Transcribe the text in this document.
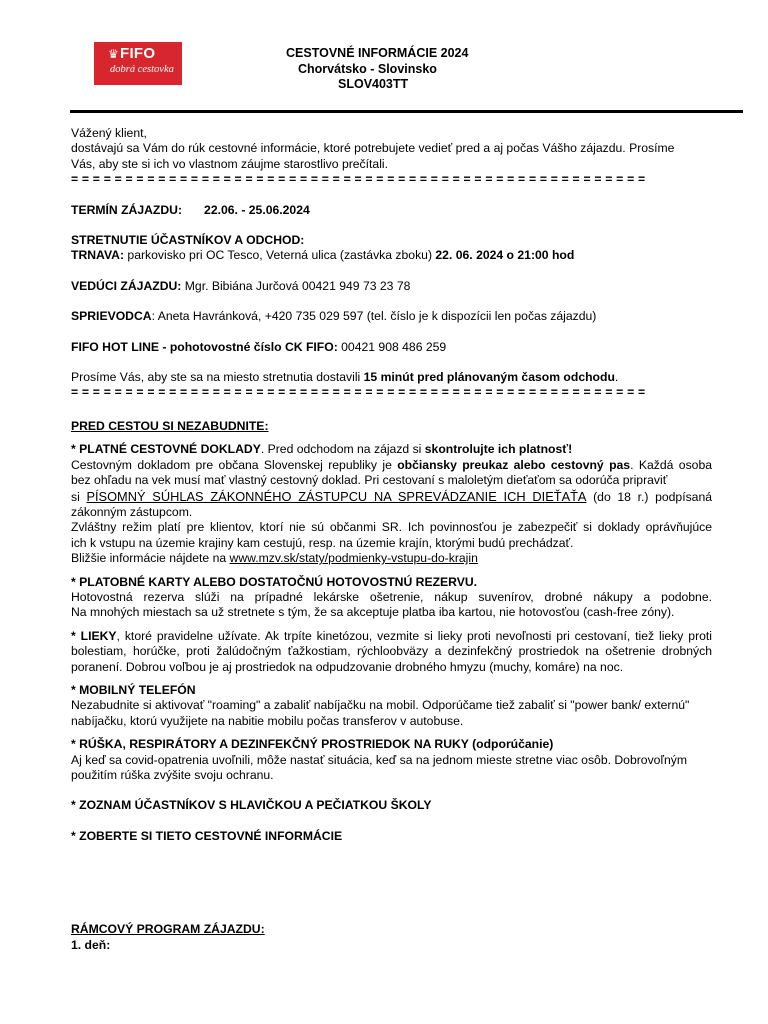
♛ FIFO
dobrá cestovka
CESTOVNÉ INFORMÁCIE 2024
Chorvátsko - Slovinsko
SLOV403TT
Vážený klient,
dostávajú sa Vám do rúk cestovné informácie, ktoré potrebujete vedieť pred a aj počas Vášho zájazdu. Prosíme
Vás, aby ste si ich vo vlastnom záujme starostlivo prečítali.
= = = = = = = = = = = = = = = = = = = = = = = = = = = = = = = = = = = = = = = = = = = = = = = = = = = = =
TERMÍN ZÁJAZDU: 22.06. - 25.06.2024
STRETNUTIE ÚČASTNÍKOV A ODCHOD:
TRNAVA: parkovisko pri OC Tesco, Veterná ulica (zastávka zboku) 22. 06. 2024 o 21:00 hod
VEDÚCI ZÁJAZDU: Mgr. Bibiána Jurčová 00421 949 73 23 78
SPRIEVODCA: Aneta Havránková, +420 735 029 597 (tel. číslo je k dispozícii len počas zájazdu)
FIFO HOT LINE - pohotovostné číslo CK FIFO: 00421 908 486 259
Prosíme Vás, aby ste sa na miesto stretnutia dostavili 15 minút pred plánovaným časom odchodu.
= = = = = = = = = = = = = = = = = = = = = = = = = = = = = = = = = = = = = = = = = = = = = = = = = = = = =
PRED CESTOU SI NEZABUDNITE:
* PLATNÉ CESTOVNÉ DOKLADY. Pred odchodom na zájazd si skontrolujte ich platnosť!
Cestovným dokladom pre občana Slovenskej republiky je občiansky preukaz alebo cestovný pas. Každá osoba
bez ohľadu na vek musí mať vlastný cestovný doklad. Pri cestovaní s maloletým dieťaťom sa odorúča pripraviť
si PÍSOMNÝ SÚHLAS ZÁKONNÉHO ZÁSTUPCU NA SPREVÁDZANIE ICH DIEŤAŤA (do 18 r.) podpísaná
zákonným zástupcom.
Zvláštny režim platí pre klientov, ktorí nie sú občanmi SR. Ich povinnosťou je zabezpečiť si doklady oprávňujúce
ich k vstupu na územie krajiny kam cestujú, resp. na územie krajín, ktorými budú prechádzať.
Bližšie informácie nájdete na www.mzv.sk/staty/podmienky-vstupu-do-krajin
* PLATOBNÉ KARTY ALEBO DOSTATOČNÚ HOTOVOSTNÚ REZERVU.
Hotovostná rezerva slúži na prípadné lekárske ošetrenie, nákup suvenírov, drobné nákupy a podobne.
Na mnohých miestach sa už stretnete s tým, že sa akceptuje platba iba kartou, nie hotovosťou (cash-free zóny).
* LIEKY, ktoré pravidelne užívate. Ak trpíte kinetózou, vezmite si lieky proti nevoľnosti pri cestovaní, tiež lieky proti
bolestiam, horúčke, proti žalúdočným ťažkostiam, rýchloobväzy a dezinfekčný prostriedok na ošetrenie drobných
poranení. Dobrou voľbou je aj prostriedok na odpudzovanie drobného hmyzu (muchy, komáre) na noc.
* MOBILNÝ TELEFÓN
Nezabudnite si aktivovať "roaming" a zabaliť nabíjačku na mobil. Odporúčame tiež zabaliť si "power bank/ externú"
nabíjačku, ktorú využijete na nabitie mobilu počas transferov v autobuse.
* RÚŠKA, RESPIRÁTORY A DEZINFEKČNÝ PROSTRIEDOK NA RUKY (odporúčanie)
Aj keď sa covid-opatrenia uvoľnili, môže nastať situácia, keď sa na jednom mieste stretne viac osôb. Dobrovoľným
použitím rúška zvýšite svoju ochranu.
* ZOZNAM ÚČASTNÍKOV S HLAVIČKOU A PEČIATKOU ŠKOLY
* ZOBERTE SI TIETO CESTOVNÉ INFORMÁCIE
RÁMCOVÝ PROGRAM ZÁJAZDU:
1. deň:
